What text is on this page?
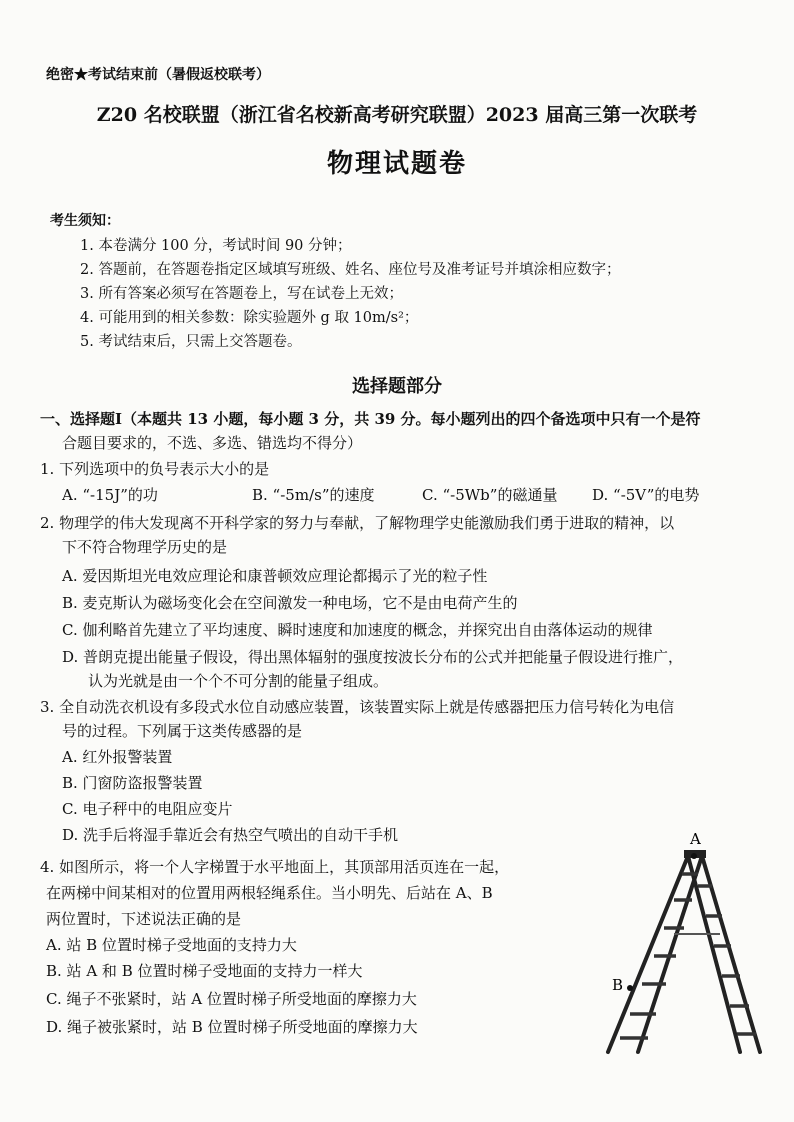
绝密★考试结束前（暑假返校联考）
Z20 名校联盟（浙江省名校新高考研究联盟）2023 届高三第一次联考
物理试题卷
考生须知：
1. 本卷满分 100 分，考试时间 90 分钟；
2. 答题前，在答题卷指定区域填写班级、姓名、座位号及准考证号并填涂相应数字；
3. 所有答案必须写在答题卷上，写在试卷上无效；
4. 可能用到的相关参数：除实验题外 g 取 10m/s²；
5. 考试结束后，只需上交答题卷。
选择题部分
一、选择题Ⅰ（本题共 13 小题，每小题 3 分，共 39 分。每小题列出的四个备选项中只有一个是符
合题目要求的，不选、多选、错选均不得分）
1. 下列选项中的负号表示大小的是
A. “-15J”的功	B. “-5m/s”的速度	C. “-5Wb”的磁通量 D. “-5V”的电势
2. 物理学的伟大发现离不开科学家的努力与奉献，了解物理学史能激励我们勇于进取的精神，以
下不符合物理学历史的是
A. 爱因斯坦光电效应理论和康普顿效应理论都揭示了光的粒子性
B. 麦克斯认为磁场变化会在空间激发一种电场，它不是由电荷产生的
C. 伽利略首先建立了平均速度、瞬时速度和加速度的概念，并探究出自由落体运动的规律
D. 普朗克提出能量子假设，得出黑体辐射的强度按波长分布的公式并把能量子假设进行推广，
认为光就是由一个个不可分割的能量子组成。
3. 全自动洗衣机设有多段式水位自动感应装置，该装置实际上就是传感器把压力信号转化为电信
号的过程。下列属于这类传感器的是
A. 红外报警装置
B. 门窗防盗报警装置
C. 电子秤中的电阻应变片
D. 洗手后将湿手靠近会有热空气喷出的自动干手机
4. 如图所示，将一个人字梯置于水平地面上，其顶部用活页连在一起，
在两梯中间某相对的位置用两根轻绳系住。当小明先、后站在 A、B
两位置时，下述说法正确的是
A. 站 B 位置时梯子受地面的支持力大
B. 站 A 和 B 位置时梯子受地面的支持力一样大
C. 绳子不张紧时，站 A 位置时梯子所受地面的摩擦力大
D. 绳子被张紧时，站 B 位置时梯子所受地面的摩擦力大
A
B
